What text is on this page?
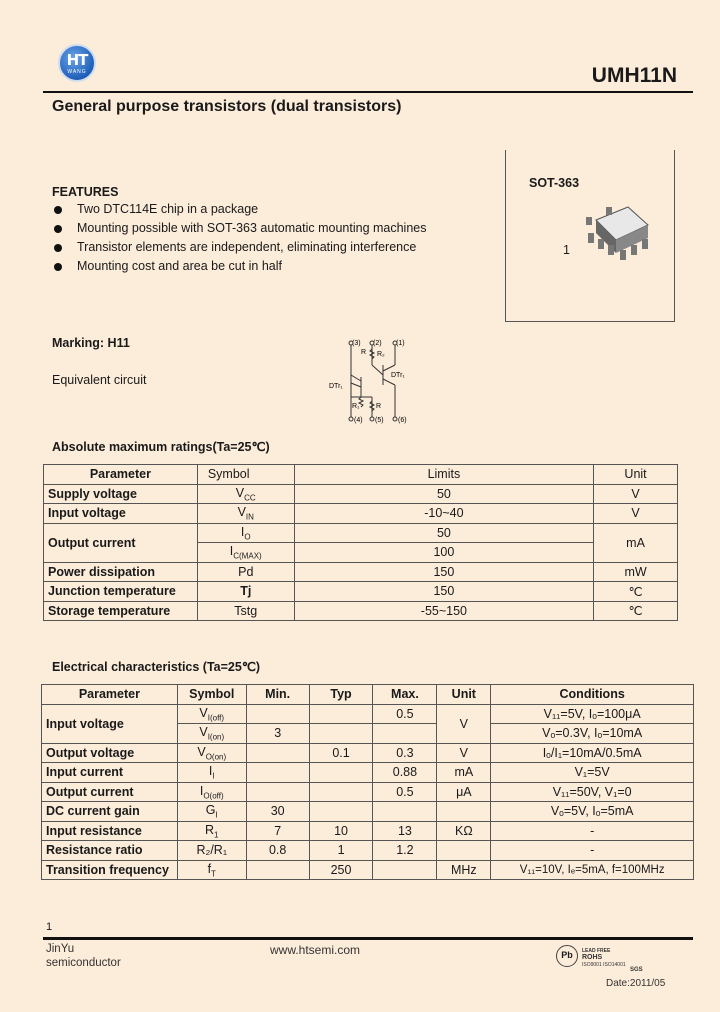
HT
WANG	UMH11N
General purpose transistors (dual transistors)
FEATURES
Two DTC114E chip in a package
Mounting possible with SOT-363 automatic mounting machines
Transistor elements are independent, eliminating interference
Mounting cost and area be cut in half
SOT-363
1
Marking: H11
Equivalent circuit
(3) (2) (1)
R₂
R
DTr₁
DTr₁
R₁ R
(4) (5) (6)
Absolute maximum ratings(Ta=25℃)
Parameter	Symbol	Limits	Unit
Supply voltage	$V_{CC}$	50	V
Input voltage	$V_{IN}$	-10~40	V
Output current	$I_O$	50	mA
	$I_{C(MAX)}$	100	
Power dissipation	Pd	150	mW
Junction temperature	Tj	150	℃
Storage temperature	Tstg	-55~150	℃
Electrical characteristics (Ta=25℃)
Parameter	Symbol	Min.	Typ	Max.	Unit	Conditions
Input voltage	$V_{I(off)}$			0.5	V	V₁₁=5V, Iₒ=100μA
	$V_{I(on)}$	3				Vₒ=0.3V, Iₒ=10mA
Output voltage	$V_{O(on)}$		0.1	0.3	V	Iₒ/I₁=10mA/0.5mA
Input current	$I_I$			0.88	mA	V₁=5V
Output current	$I_{O(off)}$			0.5	μA	V₁₁=50V, V₁=0
DC current gain	$G_I$	30				Vₒ=5V, Iₒ=5mA
Input resistance	$R_1$	7	10	13	KΩ	-
Resistance ratio	R₂/R₁	0.8	1	1.2		-
Transition frequency	$f_T$		250		MHz	V₁₁=10V, Iₑ=5mA, f=100MHz
1
JinYu
semiconductor
www.htsemi.com	Pb	LEAD FREE
ROHS
ISO9001 ISO14001
SGS
Date:2011/05
